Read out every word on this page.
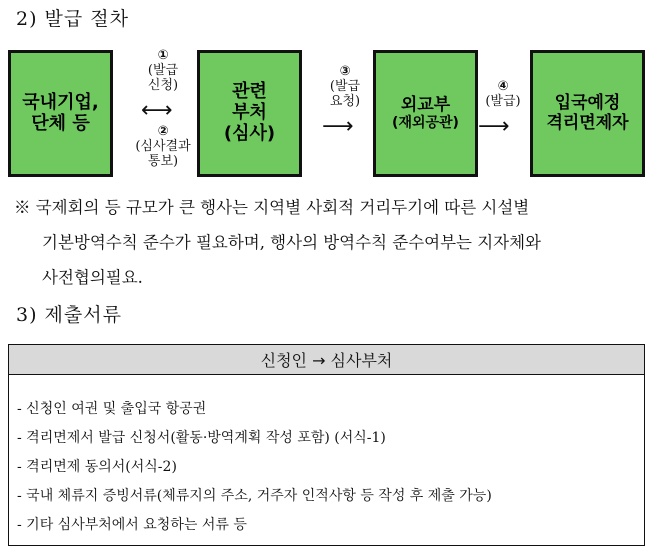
2) 발급 절차
국내기업,
단체 등
관련
부처
(심사)
외교부
(재외공관)
입국예정
격리면제자
①
(발급
신청)
⟷
②
(심사결과
통보)
③
(발급
요청)
⟶
④
(발급)
⟶
※ 국제회의 등 규모가 큰 행사는 지역별 사회적 거리두기에 따른 시설별
기본방역수칙 준수가 필요하며, 행사의 방역수칙 준수여부는 지자체와
사전협의필요.
3) 제출서류
신청인 → 심사부처
- 신청인 여권 및 출입국 항공권
- 격리면제서 발급 신청서(활동·방역계획 작성 포함) (서식-1)
- 격리면제 동의서(서식-2)
- 국내 체류지 증빙서류(체류지의 주소, 거주자 인적사항 등 작성 후 제출 가능)
- 기타 심사부처에서 요청하는 서류 등
